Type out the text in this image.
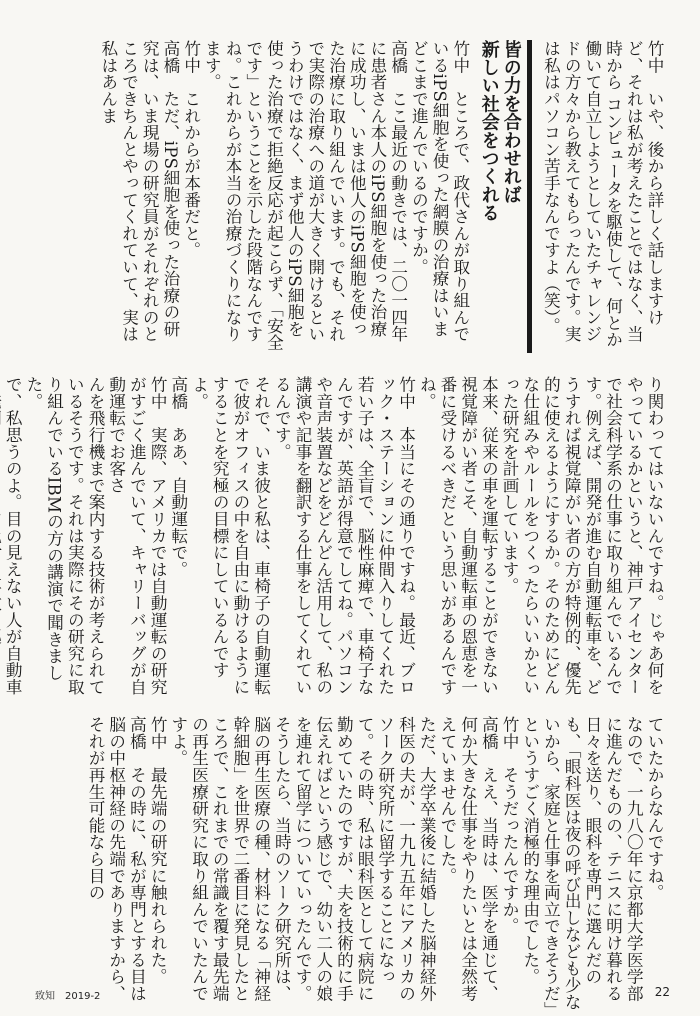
竹中　いや、後から詳しく話しますけど、それは私が考えたことではなく、当時から コンピュータを駆使して、何とか働いて自立しようとしていたチャレンジドの方々から教えてもらったんです。実は私はパソコン苦手なんですよ（笑）。

皆の力を合わせれば
新しい社会をつくれる

竹中　ところで、政代さんが取り組んでいるiPS細胞を使った網膜の治療はいまどこまで進んでいるのですか。

高橋　ここ最近の動きでは、二〇一四年に患者さん本人のiPS細胞を使った治療に成功し、いまは他人のiPS細胞を使った治療に取り組んでいます。でも、それで実際の治療への道が大きく開けるというわけではなく、まず他人のiPS細胞を使った治療で拒絶反応が起こらず、「安全です」ということを示した段階なんですね。これからが本当の治療づくりになります。

竹中　これからが本番だと。

高橋　ただ、iPS細胞を使った治療の研究は、いま現場の研究員がそれぞれのところできちんとやってくれていて、実は私はあんま

り関わってはいないんですね。じゃあ何をやっているかというと、神戸アイセンターで社会科学系の仕事に取り組んでいるんです。例えば、開発が進む自動運転車を、どうすれば視覚障がい者の方が特例的、優先的に使えるようにするか。そのためにどんな仕組みやルールをつくったらいいかといった研究を計画しています。

本来、従来の車を運転することができない視覚障がい者こそ、自動運転車の恩恵を一番に受けるべきだという思いがあるんですね。

竹中　本当にその通りですね。最近、ブロック・ステーションに仲間入りしてくれた若い子は、全盲で、脳性麻痺で、車椅子なんですが、英語が得意でしてね。パソコンや音声装置などをどんどん活用して、私の講演や記事を翻訳する仕事をしてくれているんです。

それで、いま彼と私は、車椅子の自動運転で彼がオフィスの中を自由に動けるようにすることを究極の目標にしているんですよ。

高橋　ああ、自動運転で。

竹中　実際、アメリカでは自動運転の研究がすごく進んでいて、キャリーバッグが自動運転でお客さ

んを飛行機まで案内する技術が考えられているそうです。それは実際にその研究に取り組んでいるIBMの方の講演で聞きました。

で、私思うのよ。目の見えない人が自動車

ていたからなんですね。

なので、一九八〇年に京都大学医学部に進んだものの、テニスに明け暮れる日々を送り、眼科を専門に選んだのも、「眼科医は夜の呼び出しなども少ないから、家庭と仕事を両立できそうだ」というすごく消極的な理由でした。

竹中　そうだったんですか。

高橋　ええ、当時は、医学を通じて、何か大きな仕事をやりたいとは全然考えていませんでした。

ただ、大学卒業後に結婚した脳神経外科医の夫が、一九九五年にアメリカのソーク研究所に留学することになって。その時、私は眼科医として病院に勤めていたのですが、夫を技術的に手伝えればという感じで、幼い二人の娘を連れて留学についていったんです。

そうしたら、当時のソーク研究所は、脳の再生医療の種、材料になる「神経幹細胞」を世界で二番目に発見したところで、これまでの常識を覆す最先端の再生医療研究に取り組んでいたんですよ。

竹中　最先端の研究に触れられた。

高橋　その時に、私が専門とする目は脳の中枢神経の先端でありますから、それが再生可能なら目の

致知　2019-2	22
